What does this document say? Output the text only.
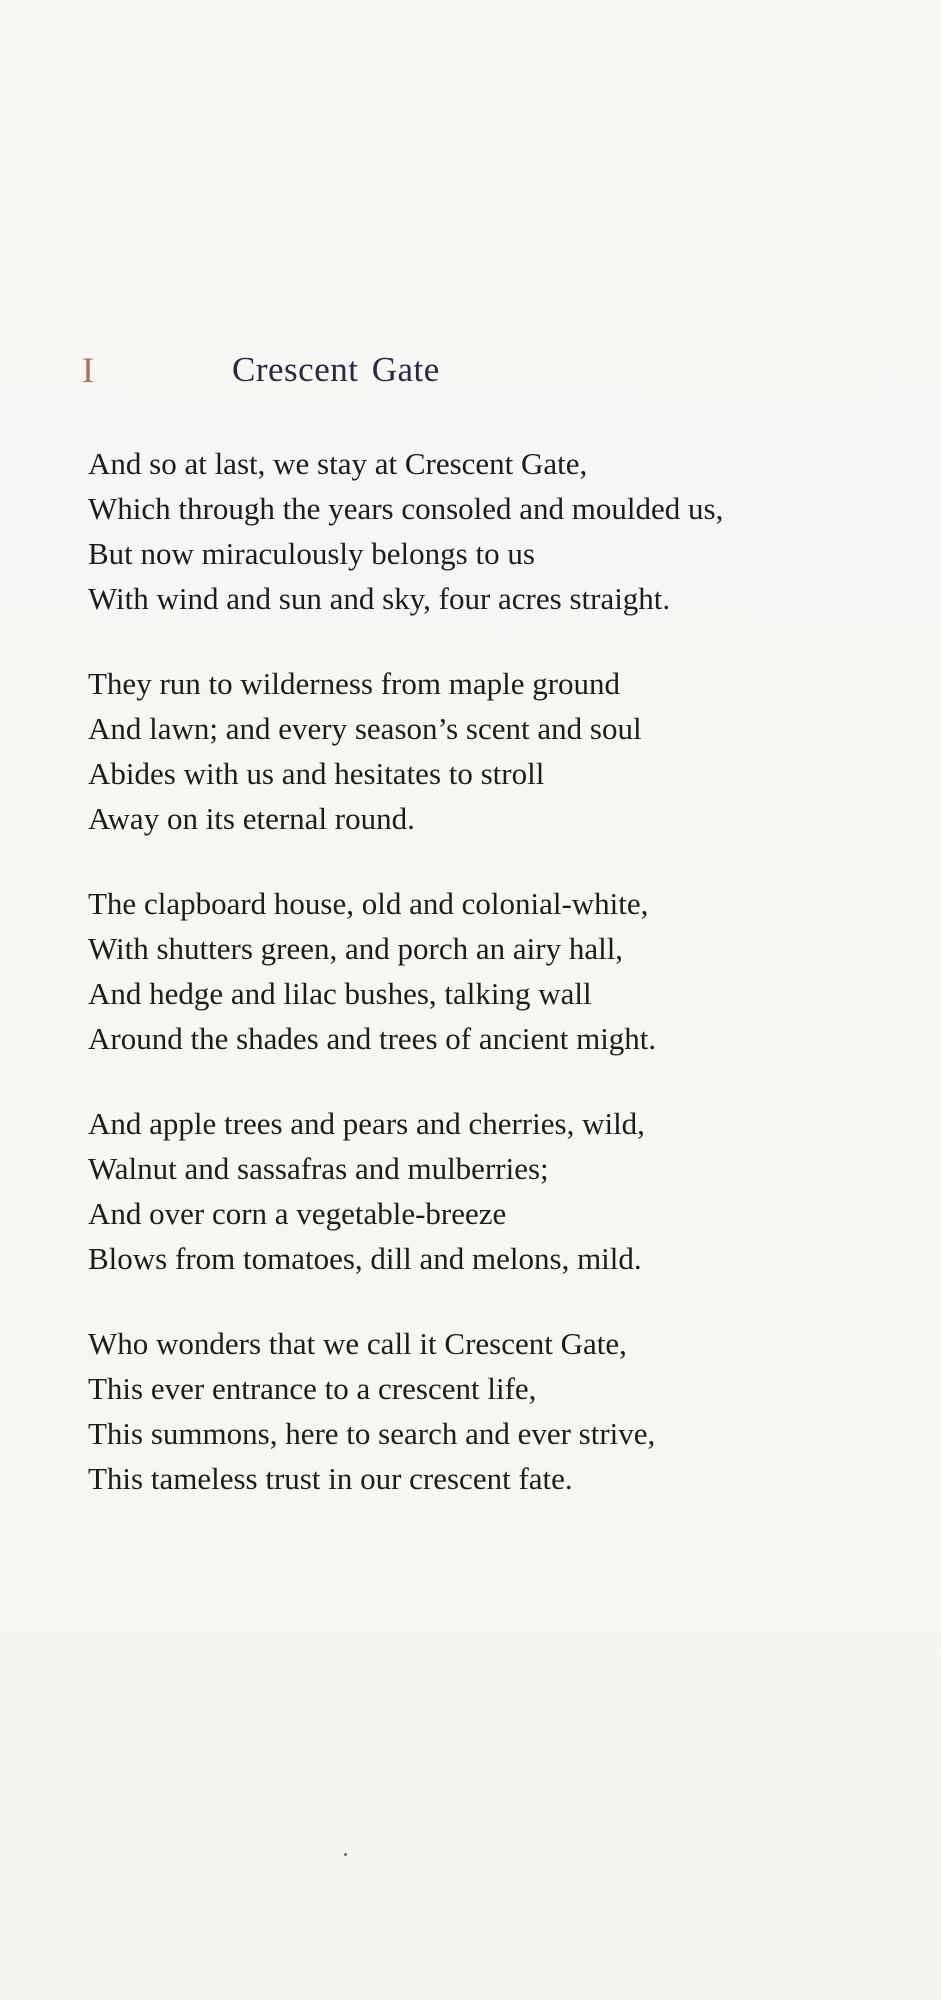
I	Crescent Gate
And so at last, we stay at Crescent Gate,
Which through the years consoled and moulded us,
But now miraculously belongs to us
With wind and sun and sky, four acres straight.
They run to wilderness from maple ground
And lawn; and every season’s scent and soul
Abides with us and hesitates to stroll
Away on its eternal round.
The clapboard house, old and colonial-white,
With shutters green, and porch an airy hall,
And hedge and lilac bushes, talking wall
Around the shades and trees of ancient might.
And apple trees and pears and cherries, wild,
Walnut and sassafras and mulberries;
And over corn a vegetable-breeze
Blows from tomatoes, dill and melons, mild.
Who wonders that we call it Crescent Gate,
This ever entrance to a crescent life,
This summons, here to search and ever strive,
This tameless trust in our crescent fate.
